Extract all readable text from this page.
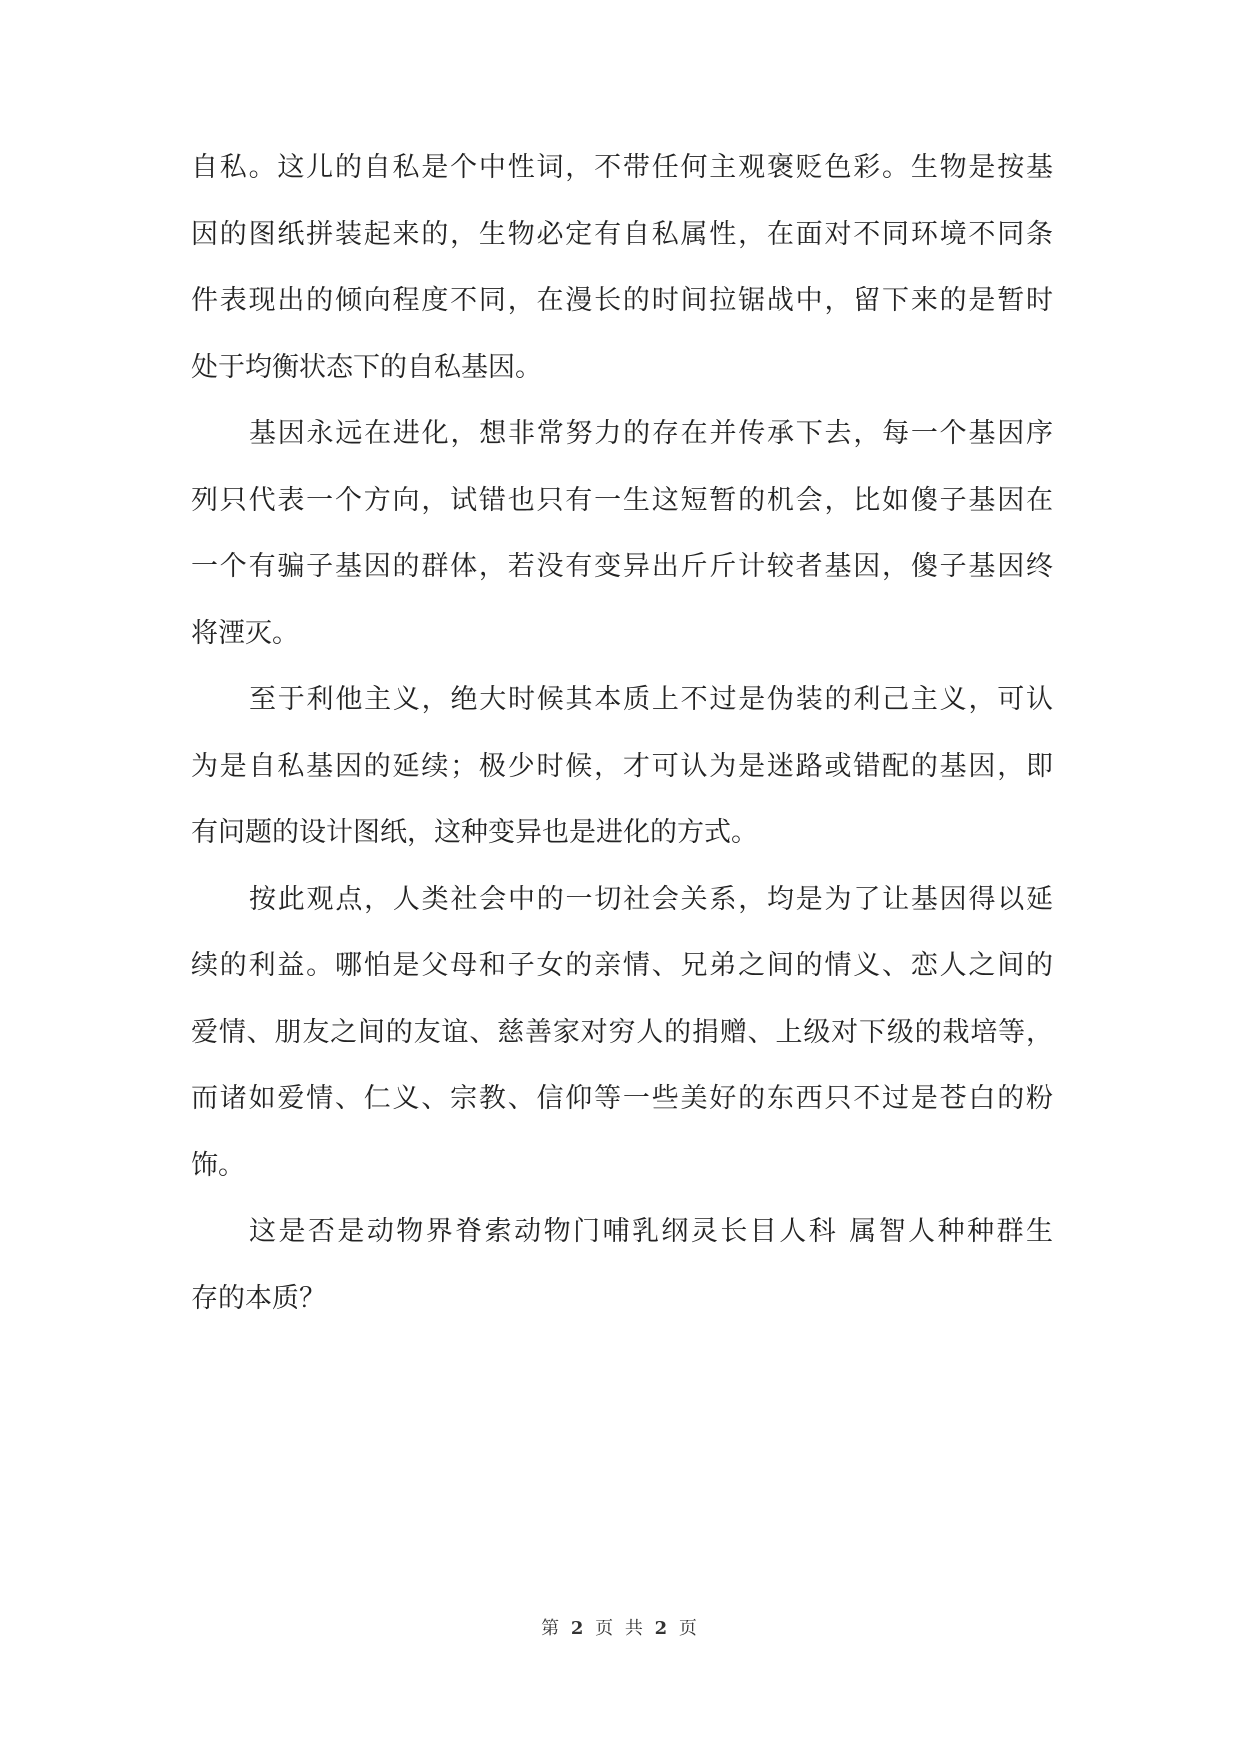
自私。这儿的自私是个中性词，不带任何主观褒贬色彩。生物是按基
因的图纸拼装起来的，生物必定有自私属性，在面对不同环境不同条
件表现出的倾向程度不同，在漫长的时间拉锯战中，留下来的是暂时
处于均衡状态下的自私基因。
基因永远在进化，想非常努力的存在并传承下去，每一个基因序
列只代表一个方向，试错也只有一生这短暂的机会，比如傻子基因在
一个有骗子基因的群体，若没有变异出斤斤计较者基因，傻子基因终
将湮灭。
至于利他主义，绝大时候其本质上不过是伪装的利己主义，可认
为是自私基因的延续；极少时候，才可认为是迷路或错配的基因，即
有问题的设计图纸，这种变异也是进化的方式。
按此观点，人类社会中的一切社会关系，均是为了让基因得以延
续的利益。哪怕是父母和子女的亲情、兄弟之间的情义、恋人之间的
爱情、朋友之间的友谊、慈善家对穷人的捐赠、上级对下级的栽培等，
而诸如爱情、仁义、宗教、信仰等一些美好的东西只不过是苍白的粉
饰。
这是否是动物界脊索动物门哺乳纲灵长目人科 属智人种种群生
存的本质？
第 2 页 共 2 页
